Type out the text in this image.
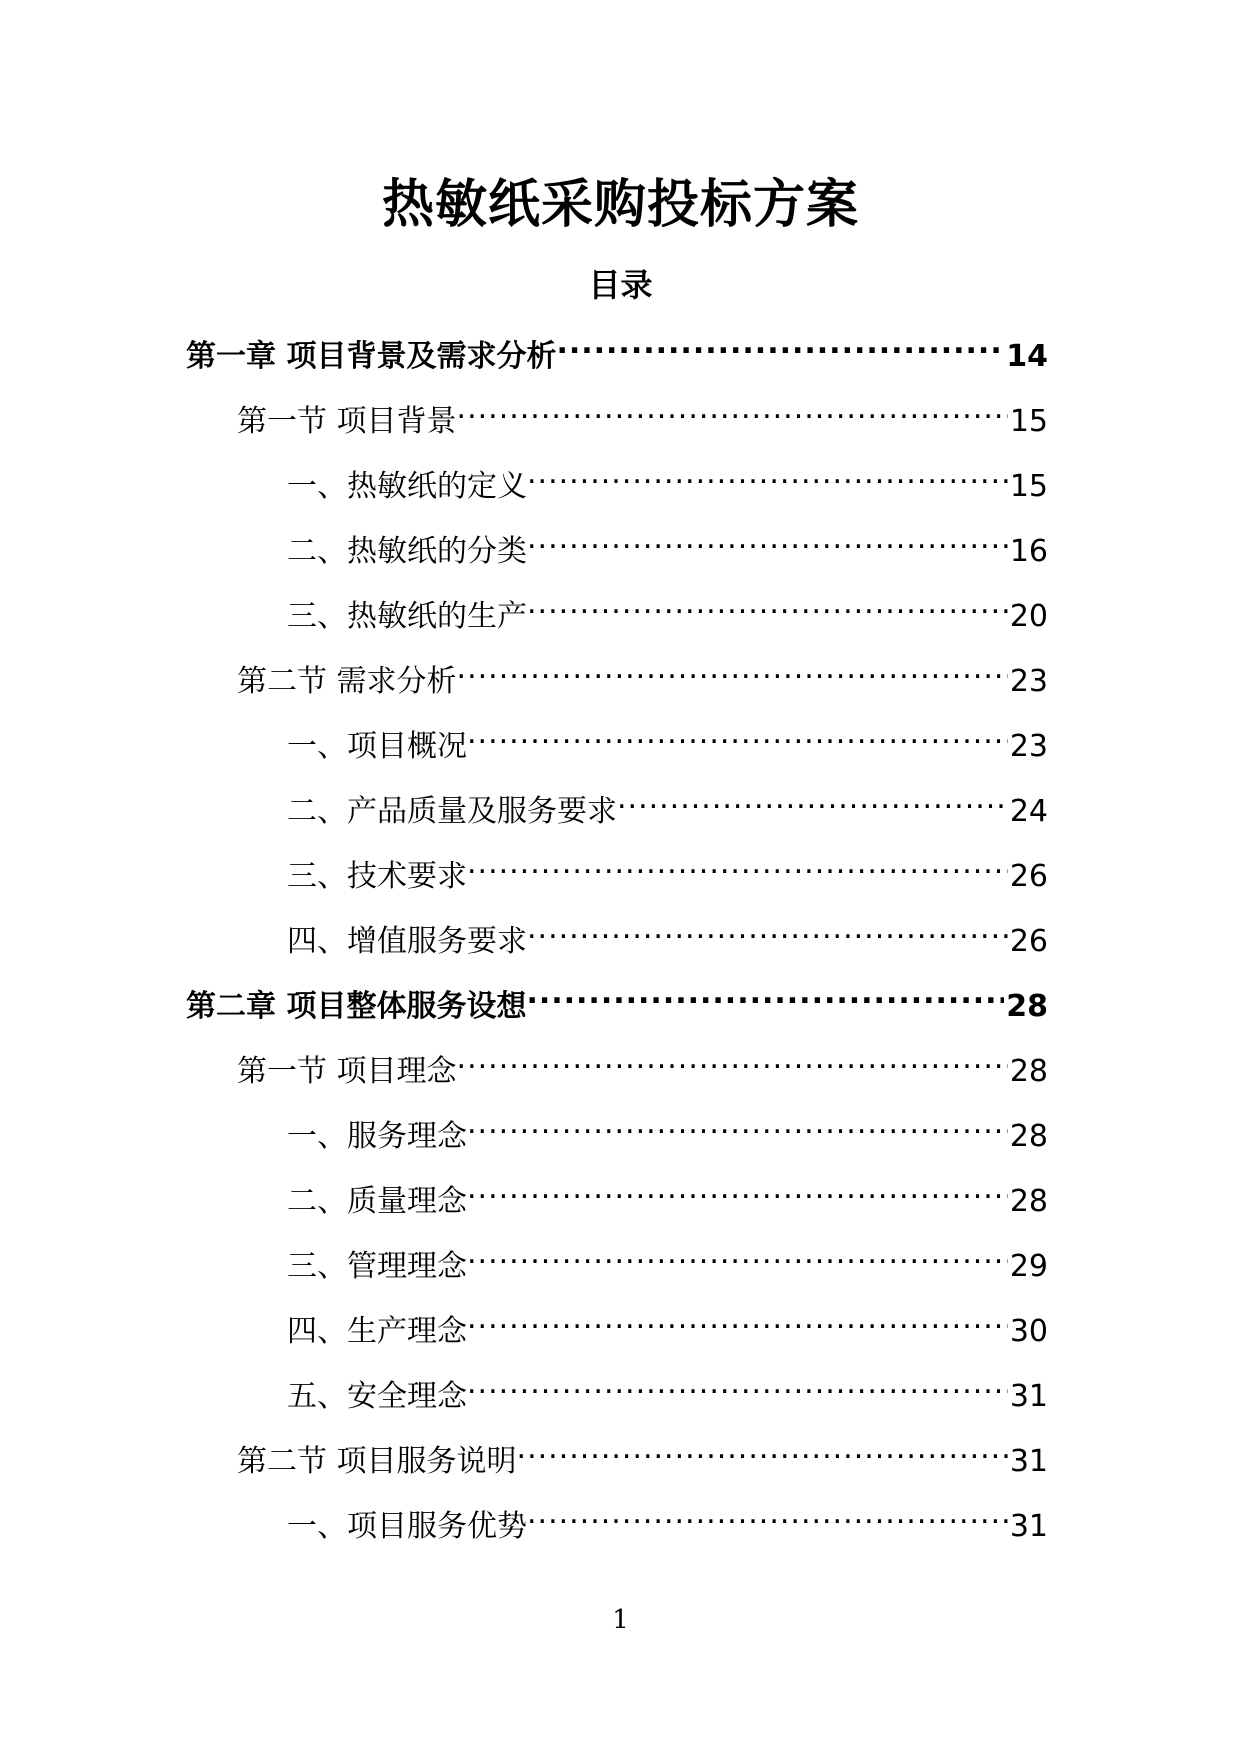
热敏纸采购投标方案
目录
第一章 项目背景及需求分析 .....	14
第一节 项目背景 .....	15
一、热敏纸的定义 .....	15
二、热敏纸的分类 .....	16
三、热敏纸的生产 .....	20
第二节 需求分析 .....	23
一、项目概况 .....	23
二、产品质量及服务要求 .....	24
三、技术要求 .....	26
四、增值服务要求 .....	26
第二章 项目整体服务设想 .....	28
第一节 项目理念 .....	28
一、服务理念 .....	28
二、质量理念 .....	28
三、管理理念 .....	29
四、生产理念 .....	30
五、安全理念 .....	31
第二节 项目服务说明 .....	31
一、项目服务优势 .....	31
1
